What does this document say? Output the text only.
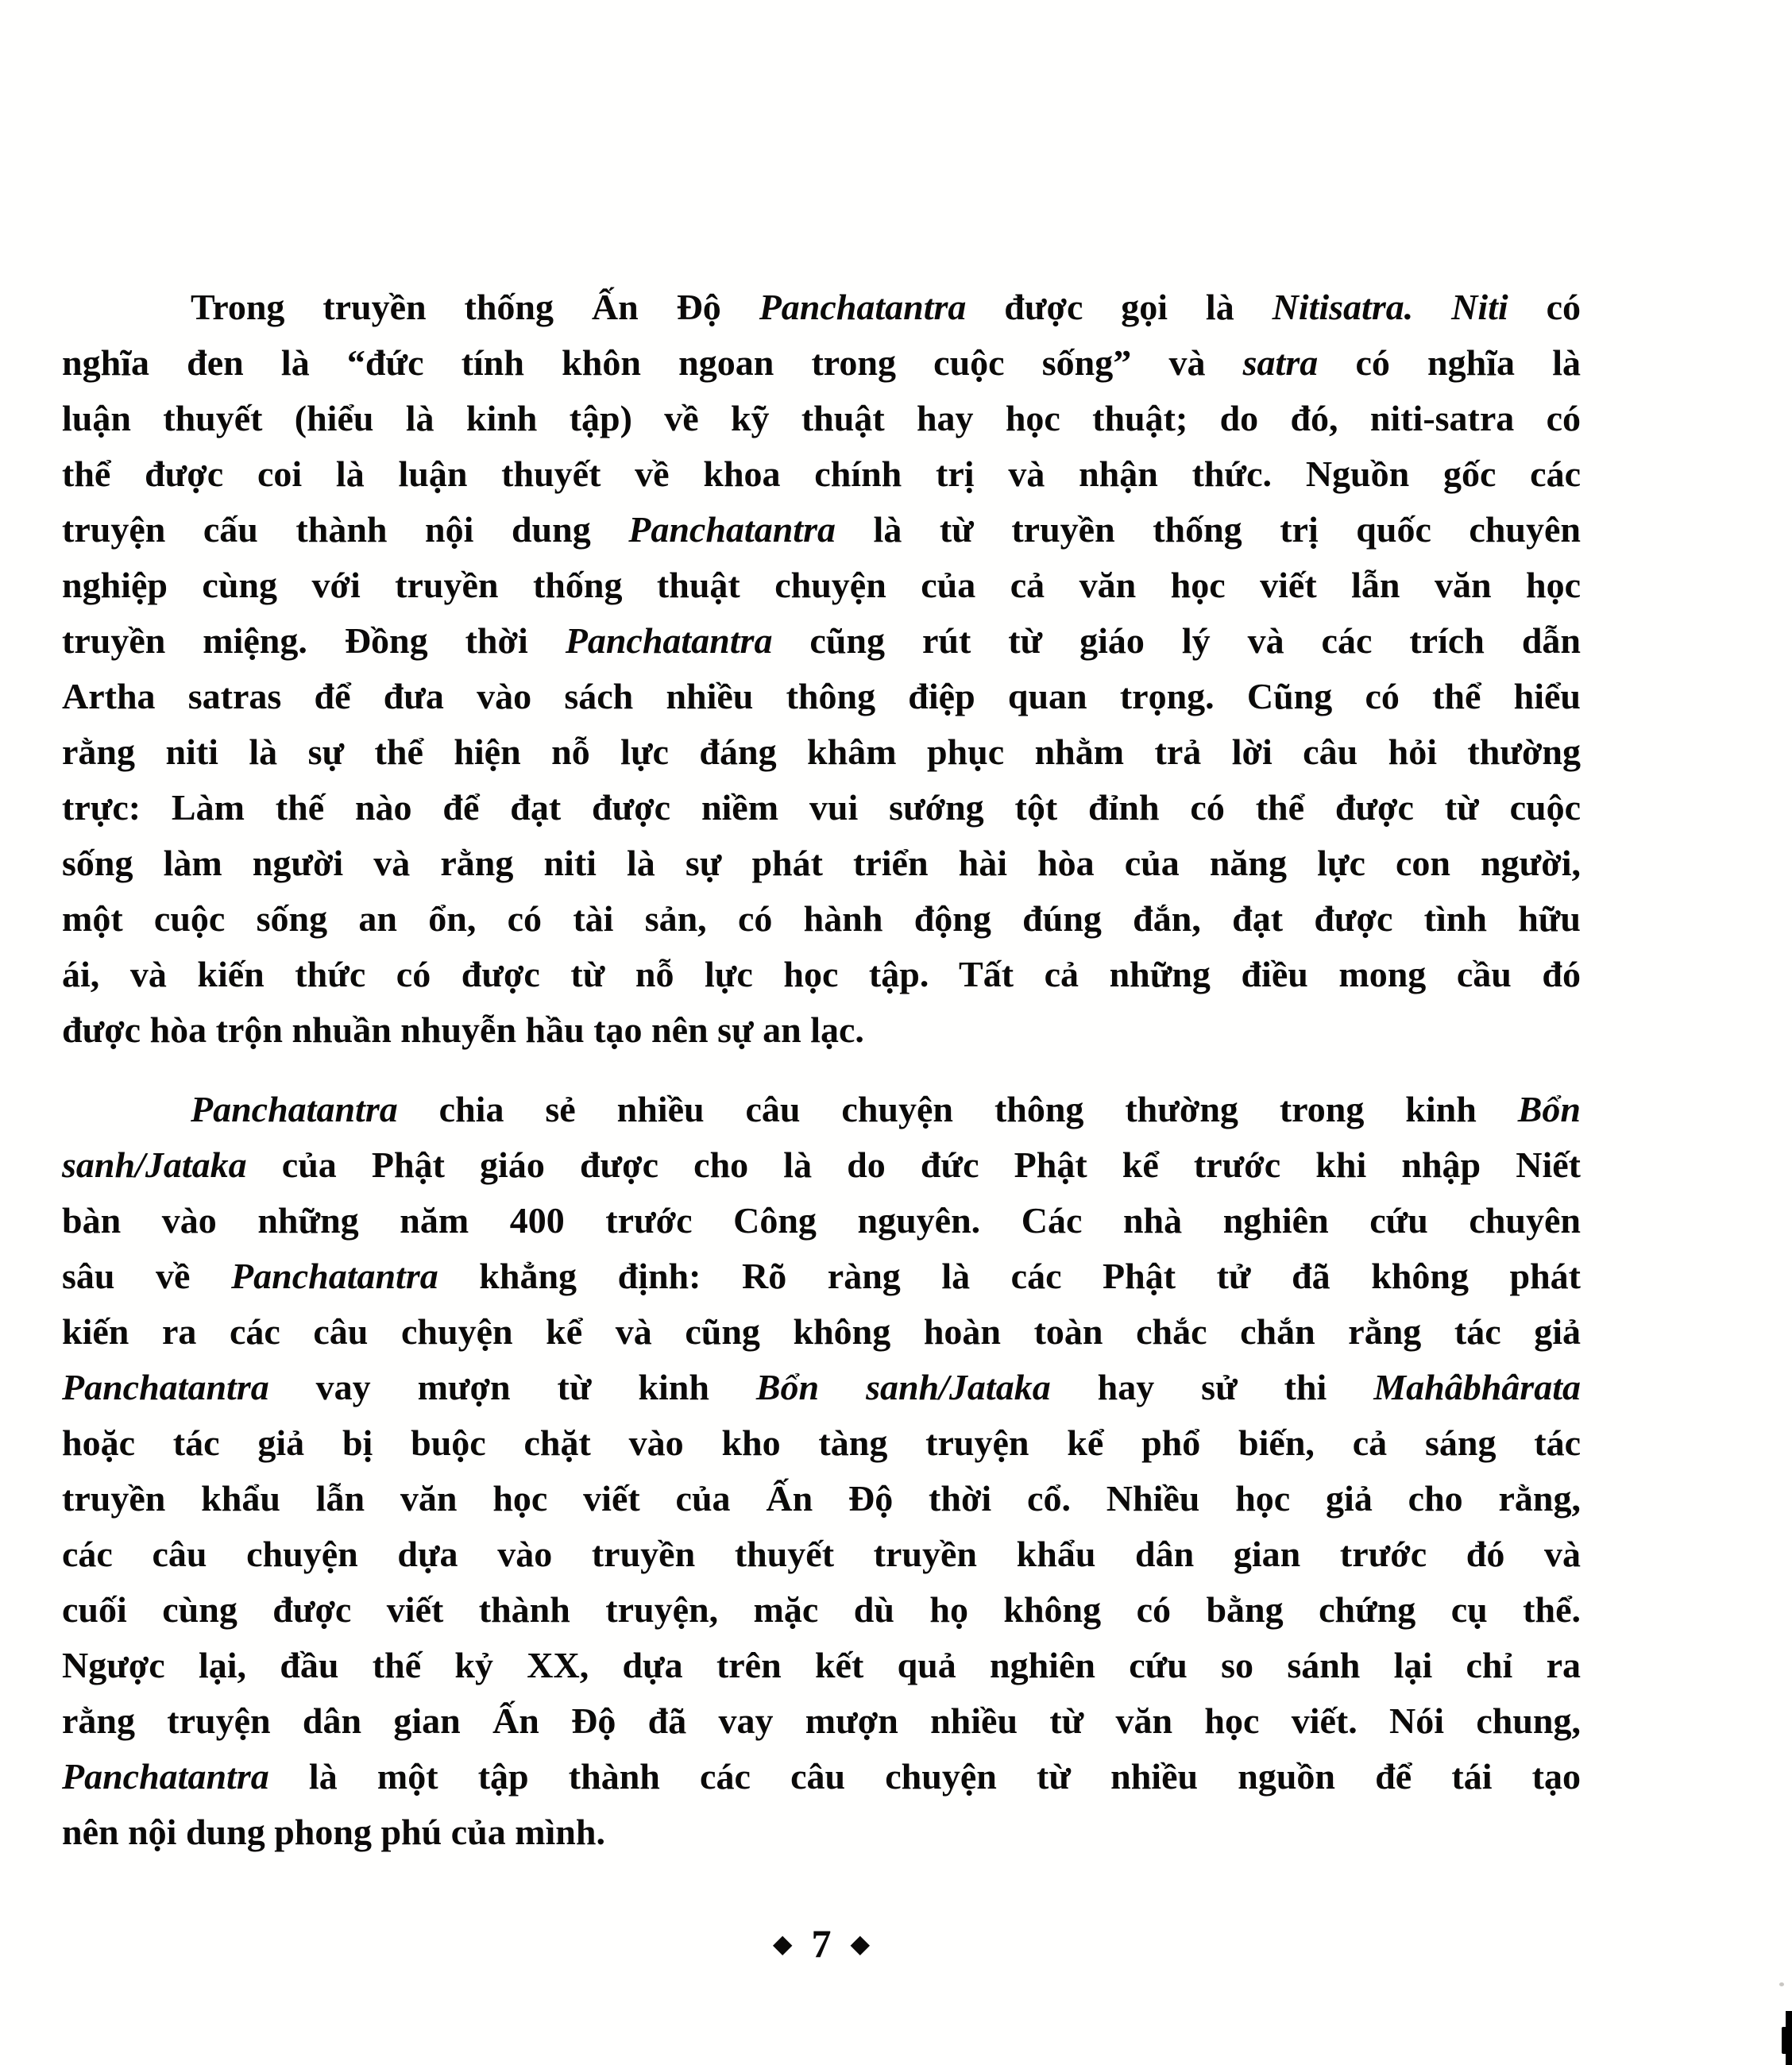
Trong truyền thống Ấn Độ Panchatantra được gọi là Nitisatra. Niti có
nghĩa đen là “đức tính khôn ngoan trong cuộc sống” và satra có nghĩa là
luận thuyết (hiểu là kinh tập) về kỹ thuật hay học thuật; do đó, niti-satra có
thể được coi là luận thuyết về khoa chính trị và nhận thức. Nguồn gốc các
truyện cấu thành nội dung Panchatantra là từ truyền thống trị quốc chuyên
nghiệp cùng với truyền thống thuật chuyện của cả văn học viết lẫn văn học
truyền miệng. Đồng thời Panchatantra cũng rút từ giáo lý và các trích dẫn
Artha satras để đưa vào sách nhiều thông điệp quan trọng. Cũng có thể hiểu
rằng niti là sự thể hiện nỗ lực đáng khâm phục nhằm trả lời câu hỏi thường
trực: Làm thế nào để đạt được niềm vui sướng tột đỉnh có thể được từ cuộc
sống làm người và rằng niti là sự phát triển hài hòa của năng lực con người,
một cuộc sống an ổn, có tài sản, có hành động đúng đắn, đạt được tình hữu
ái, và kiến thức có được từ nỗ lực học tập. Tất cả những điều mong cầu đó
được hòa trộn nhuần nhuyễn hầu tạo nên sự an lạc.
Panchatantra chia sẻ nhiều câu chuyện thông thường trong kinh Bổn
sanh/Jataka của Phật giáo được cho là do đức Phật kể trước khi nhập Niết
bàn vào những năm 400 trước Công nguyên. Các nhà nghiên cứu chuyên
sâu về Panchatantra khẳng định: Rõ ràng là các Phật tử đã không phát
kiến ra các câu chuyện kể và cũng không hoàn toàn chắc chắn rằng tác giả
Panchatantra vay mượn từ kinh Bổn sanh/Jataka hay sử thi Mahâbhârata
hoặc tác giả bị buộc chặt vào kho tàng truyện kể phổ biến, cả sáng tác
truyền khẩu lẫn văn học viết của Ấn Độ thời cổ. Nhiều học giả cho rằng,
các câu chuyện dựa vào truyền thuyết truyền khẩu dân gian trước đó và
cuối cùng được viết thành truyện, mặc dù họ không có bằng chứng cụ thể.
Ngược lại, đầu thế kỷ XX, dựa trên kết quả nghiên cứu so sánh lại chỉ ra
rằng truyện dân gian Ấn Độ đã vay mượn nhiều từ văn học viết. Nói chung,
Panchatantra là một tập thành các câu chuyện từ nhiều nguồn để tái tạo
nên nội dung phong phú của mình.
◆ 7 ◆
